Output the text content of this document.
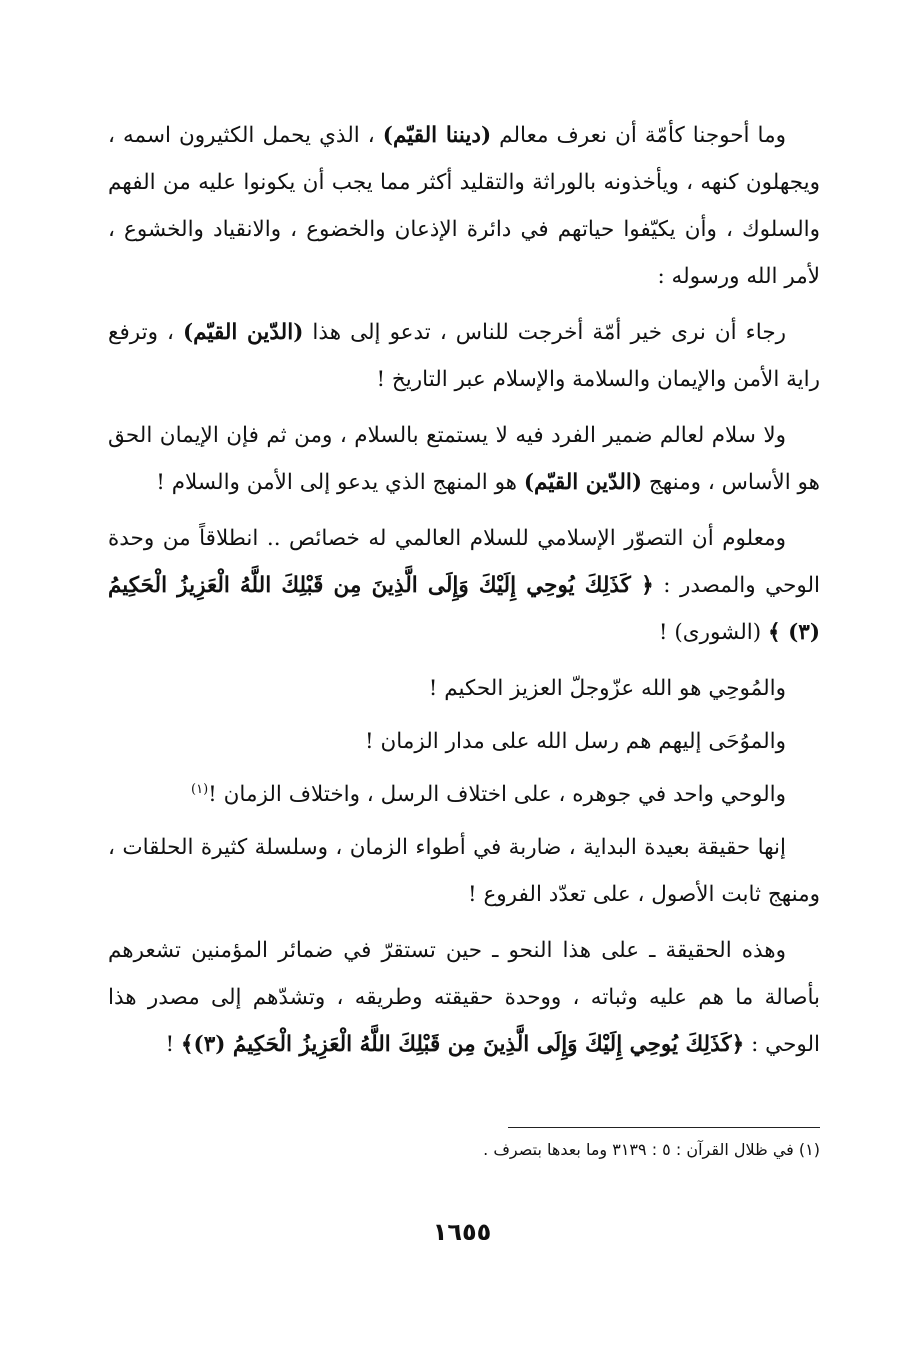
وما أحوجنا كأمّة أن نعرف معالم (ديننا القيّم) ، الذي يحمل الكثيرون اسمه ، ويجهلون كنهه ، ويأخذونه بالوراثة والتقليد أكثر مما يجب أن يكونوا عليه من الفهم والسلوك ، وأن يكيّفوا حياتهم في دائرة الإذعان والخضوع ، والانقياد والخشوع ، لأمر الله ورسوله :

رجاء أن نرى خير أمّة أخرجت للناس ، تدعو إلى هذا (الدّين القيّم) ، وترفع راية الأمن والإيمان والسلامة والإسلام عبر التاريخ !

ولا سلام لعالم ضمير الفرد فيه لا يستمتع بالسلام ، ومن ثم فإن الإيمان الحق هو الأساس ، ومنهج (الدّين القيّم) هو المنهج الذي يدعو إلى الأمن والسلام !

ومعلوم أن التصوّر الإسلامي للسلام العالمي له خصائص .. انطلاقاً من وحدة الوحي والمصدر : ﴿ كَذَلِكَ يُوحِي إِلَيْكَ وَإِلَى الَّذِينَ مِن قَبْلِكَ اللَّهُ الْعَزِيزُ الْحَكِيمُ (٣) ﴾ (الشورى) !

والمُوحِي هو الله عزّوجلّ العزيز الحكيم !

والموُحَى إليهم هم رسل الله على مدار الزمان !

والوحي واحد في جوهره ، على اختلاف الرسل ، واختلاف الزمان !$^{(١)}$

إنها حقيقة بعيدة البداية ، ضاربة في أطواء الزمان ، وسلسلة كثيرة الحلقات ، ومنهج ثابت الأصول ، على تعدّد الفروع !

وهذه الحقيقة ـ على هذا النحو ـ حين تستقرّ في ضمائر المؤمنين تشعرهم بأصالة ما هم عليه وثباته ، ووحدة حقيقته وطريقه ، وتشدّهم إلى مصدر هذا الوحي : ﴿كَذَلِكَ يُوحِي إِلَيْكَ وَإِلَى الَّذِينَ مِن قَبْلِكَ اللَّهُ الْعَزِيزُ الْحَكِيمُ (٣)﴾ !

(١) في ظلال القرآن : ٥ : ٣١٣٩ وما بعدها بتصرف .
١٦٥٥
